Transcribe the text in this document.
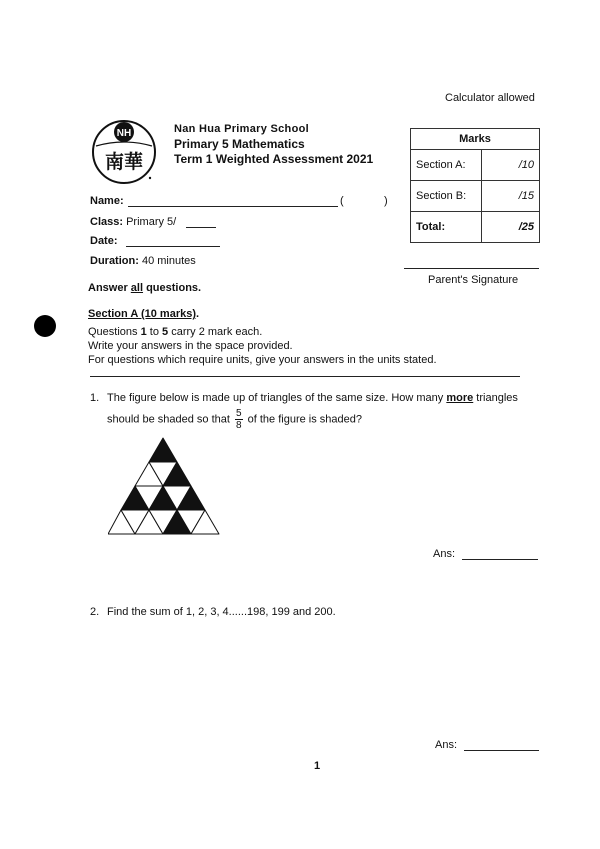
Calculator allowed
NH
南華
Nan Hua Primary School
Primary 5 Mathematics
Term 1 Weighted Assessment 2021
Marks	
Section A:	/10
Section B:	/15
Total:	/25
Name:	(	)
Class: Primary 5/
Date:
Duration: 40 minutes
Parent's Signature
Answer all questions.
Section A (10 marks).
Questions 1 to 5 carry 2 mark each.
Write your answers in the space provided.
For questions which require units, give your answers in the units stated.
1. The figure below is made up of triangles of the same size. How many more triangles
should be shaded so that $\frac{5}{8}$ of the figure is shaded?
Ans:
2. Find the sum of 1, 2, 3, 4......198, 199 and 200.
Ans:
1
